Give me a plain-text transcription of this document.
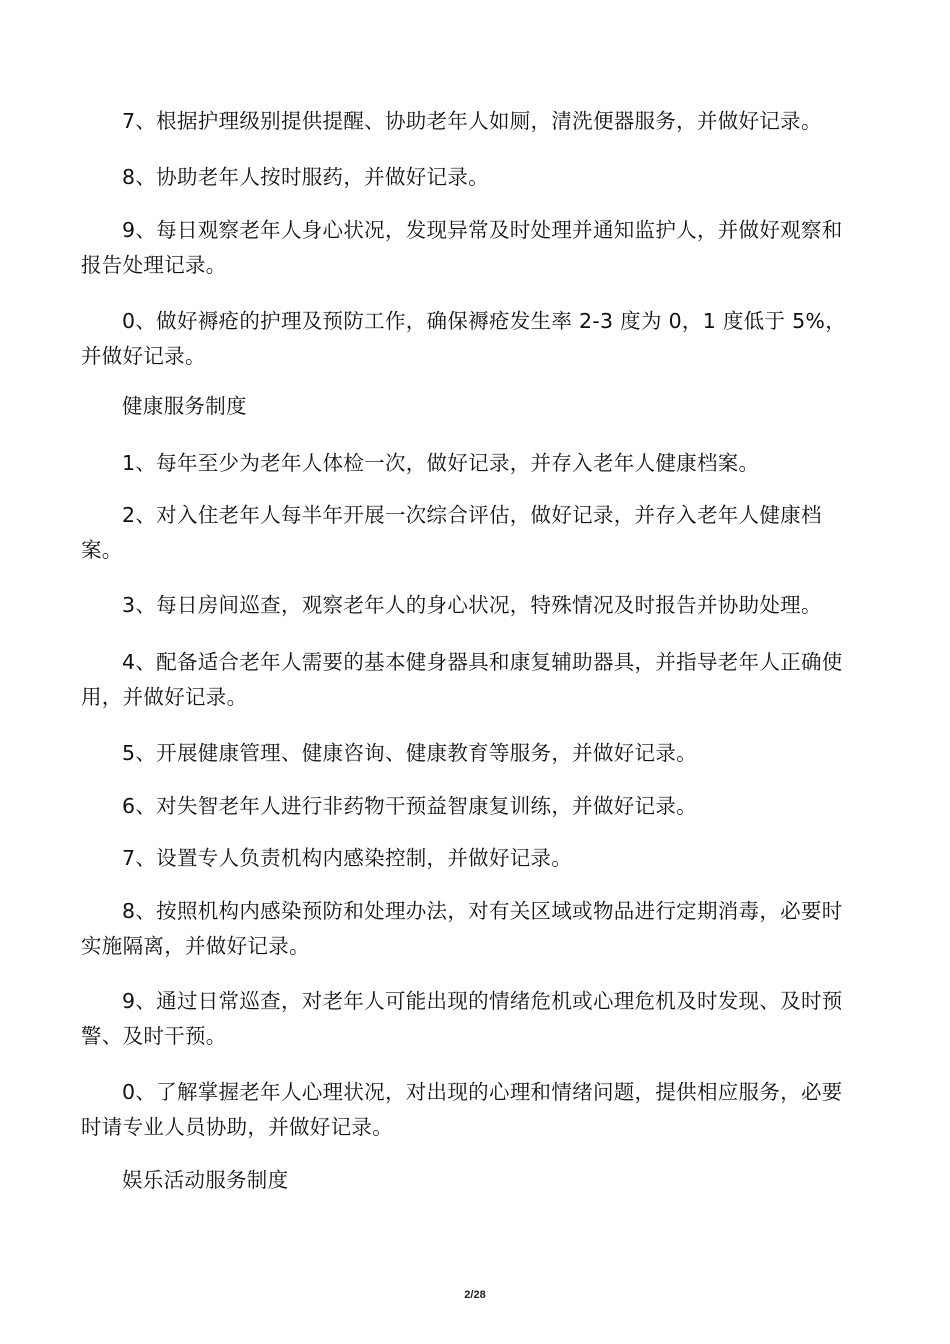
7、根据护理级别提供提醒、协助老年人如厕，清洗便器服务，并做好记录。

8、协助老年人按时服药，并做好记录。

9、每日观察老年人身心状况，发现异常及时处理并通知监护人，并做好观察和报告处理记录。

0、做好褥疮的护理及预防工作，确保褥疮发生率 2-3 度为 0，1 度低于 5%，并做好记录。

健康服务制度

1、每年至少为老年人体检一次，做好记录，并存入老年人健康档案。

2、对入住老年人每半年开展一次综合评估，做好记录，并存入老年人健康档案。

3、每日房间巡查，观察老年人的身心状况，特殊情况及时报告并协助处理。

4、配备适合老年人需要的基本健身器具和康复辅助器具，并指导老年人正确使用，并做好记录。

5、开展健康管理、健康咨询、健康教育等服务，并做好记录。

6、对失智老年人进行非药物干预益智康复训练，并做好记录。

7、设置专人负责机构内感染控制，并做好记录。

8、按照机构内感染预防和处理办法，对有关区域或物品进行定期消毒，必要时实施隔离，并做好记录。

9、通过日常巡查，对老年人可能出现的情绪危机或心理危机及时发现、及时预警、及时干预。

0、了解掌握老年人心理状况，对出现的心理和情绪问题，提供相应服务，必要时请专业人员协助，并做好记录。

娱乐活动服务制度
2/28
